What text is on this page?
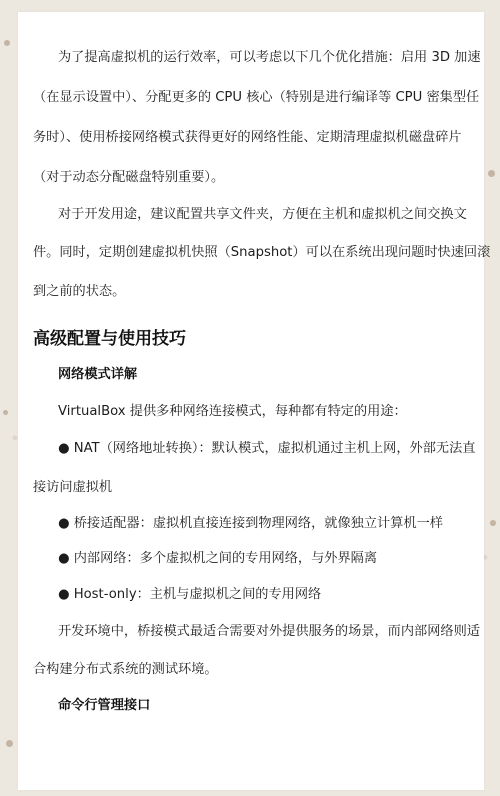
为了提高虚拟机的运行效率，可以考虑以下几个优化措施：启用 3D 加速
（在显示设置中）、分配更多的 CPU 核心（特别是进行编译等 CPU 密集型任
务时）、使用桥接网络模式获得更好的网络性能、定期清理虚拟机磁盘碎片
（对于动态分配磁盘特别重要）。
对于开发用途，建议配置共享文件夹，方便在主机和虚拟机之间交换文
件。同时，定期创建虚拟机快照（Snapshot）可以在系统出现问题时快速回滚
到之前的状态。
高级配置与使用技巧
网络模式详解
VirtualBox 提供多种网络连接模式，每种都有特定的用途：
● NAT（网络地址转换）：默认模式，虚拟机通过主机上网，外部无法直
接访问虚拟机
● 桥接适配器：虚拟机直接连接到物理网络，就像独立计算机一样
● 内部网络：多个虚拟机之间的专用网络，与外界隔离
● Host-only：主机与虚拟机之间的专用网络
开发环境中，桥接模式最适合需要对外提供服务的场景，而内部网络则适
合构建分布式系统的测试环境。
命令行管理接口
